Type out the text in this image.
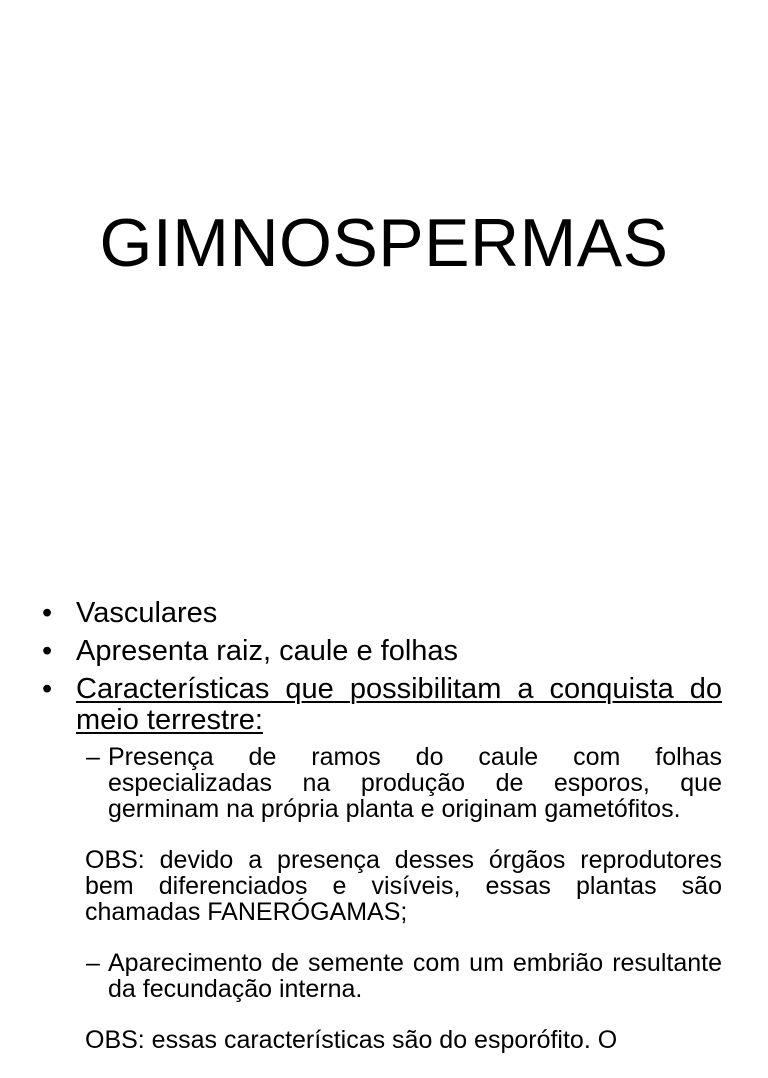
GIMNOSPERMAS

• Vasculares

• Apresenta raiz, caule e folhas

• Características que possibilitam a conquista do meio terrestre:

– Presença de ramos do caule com folhas especializadas na produção de esporos, que germinam na própria planta e originam gametófitos.

OBS: devido a presença desses órgãos reprodutores bem diferenciados e visíveis, essas plantas são chamadas FANERÓGAMAS;

– Aparecimento de semente com um embrião resultante da fecundação interna.

OBS: essas características são do esporófito. O
